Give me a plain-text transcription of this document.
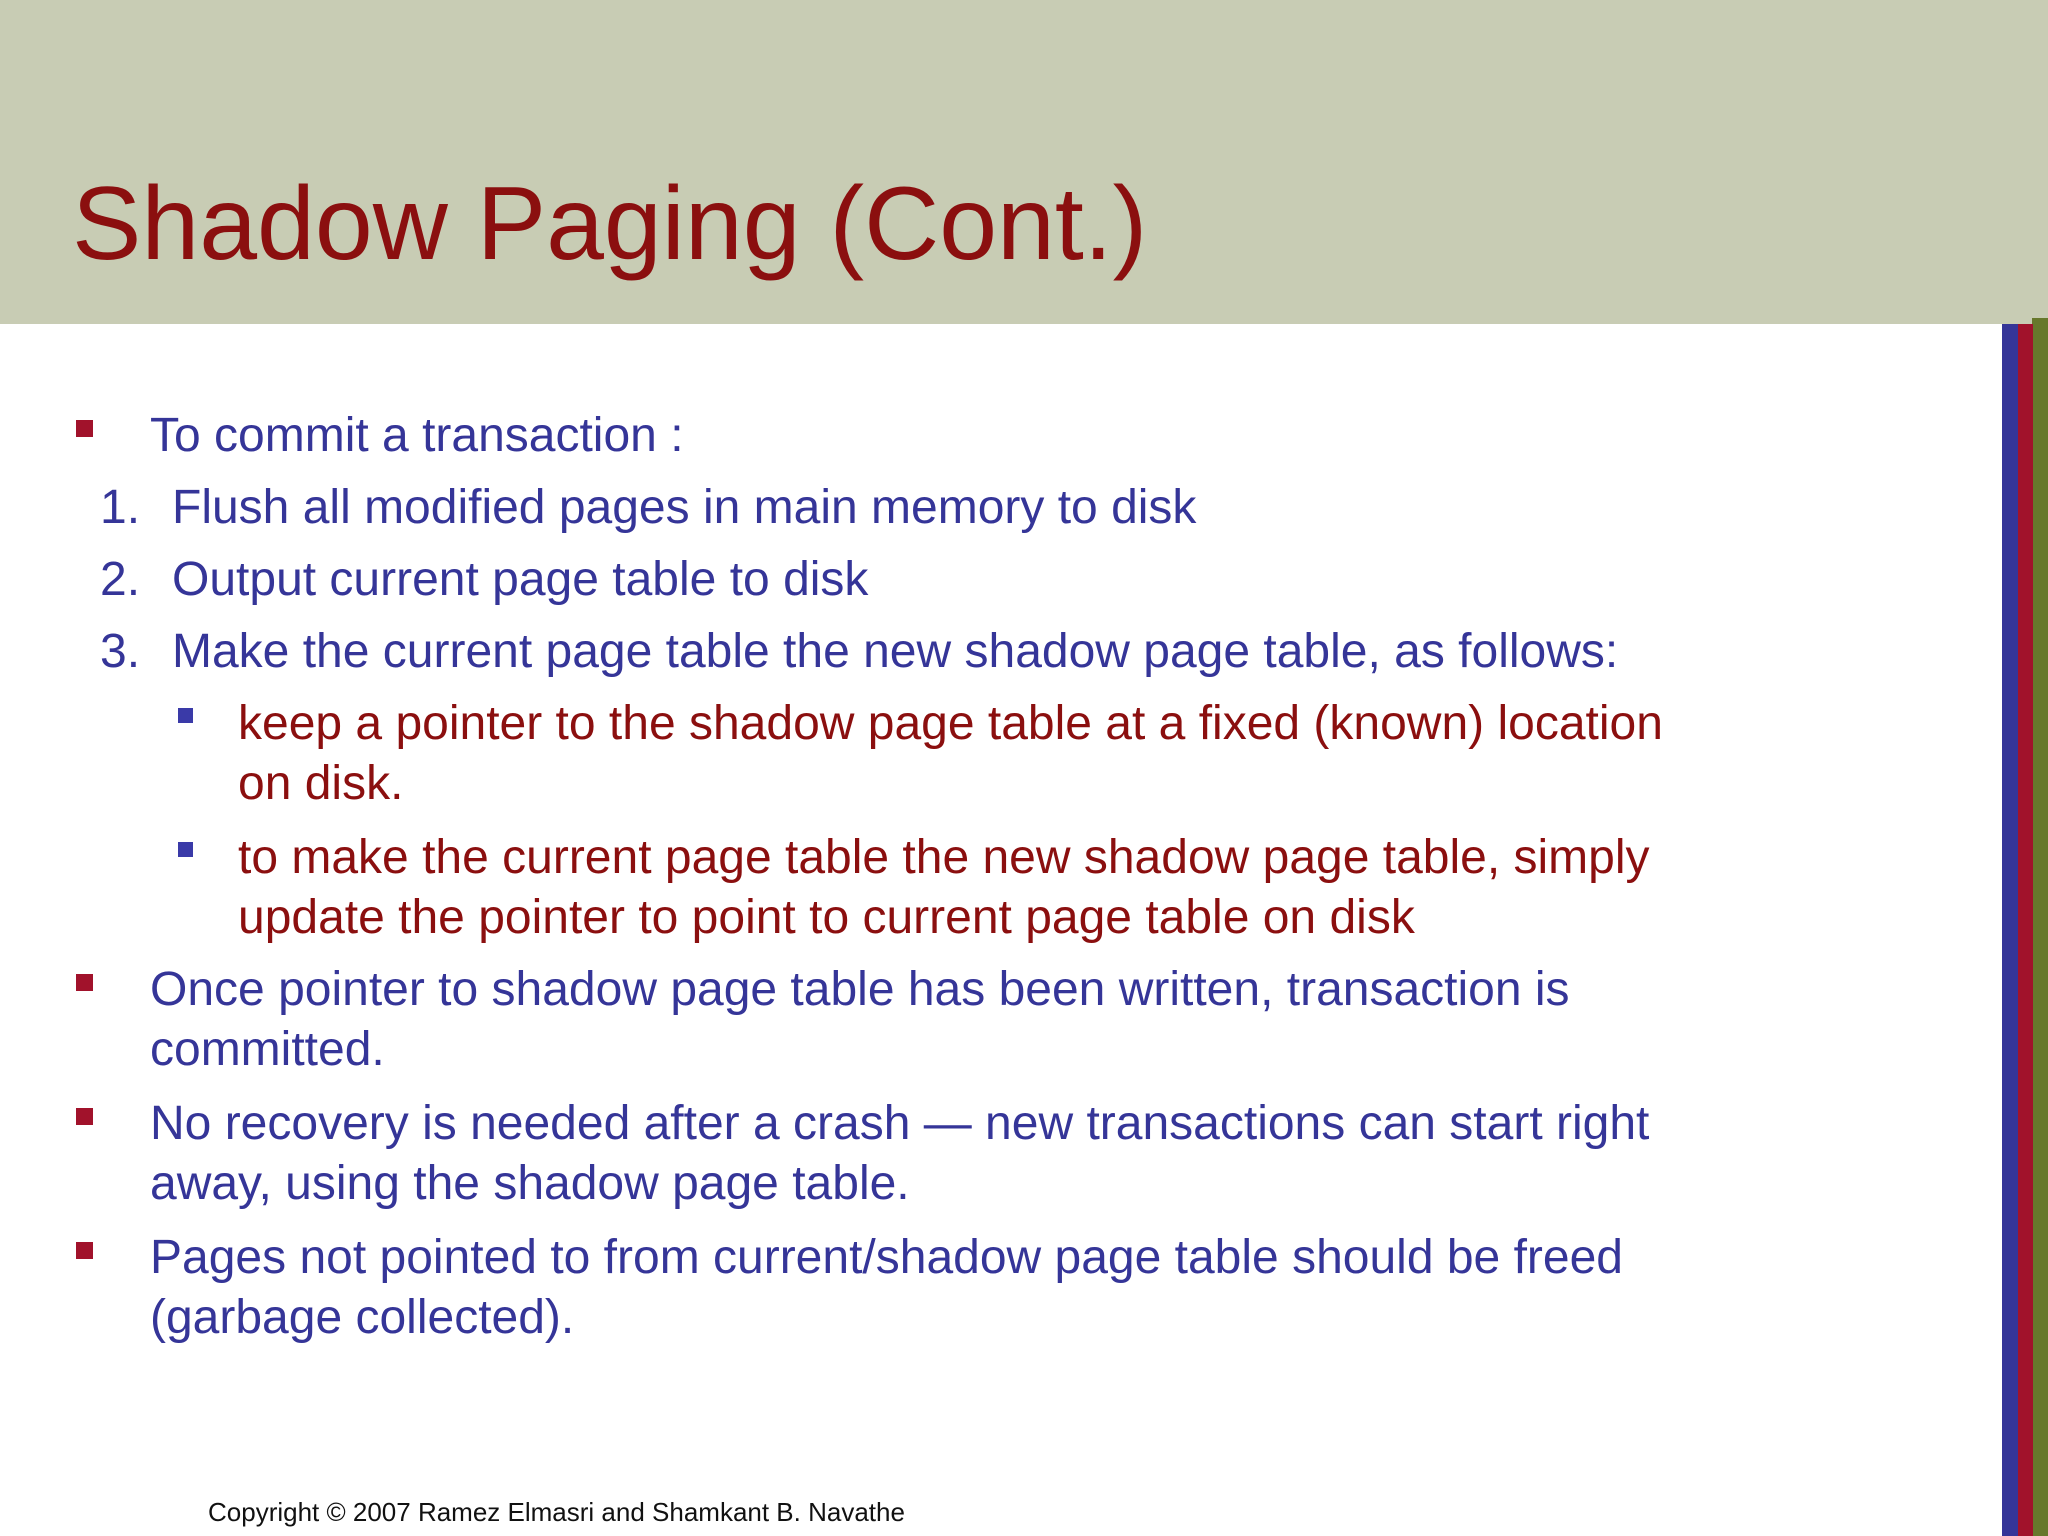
Shadow Paging (Cont.)
To commit a transaction :
1. Flush all modified pages in main memory to disk
2. Output current page table to disk
3. Make the current page table the new shadow page table, as follows:
keep a pointer to the shadow page table at a fixed (known) location
on disk.
to make the current page table the new shadow page table, simply
update the pointer to point to current page table on disk
Once pointer to shadow page table has been written, transaction is
committed.
No recovery is needed after a crash — new transactions can start right
away, using the shadow page table.
Pages not pointed to from current/shadow page table should be freed
(garbage collected).
Copyright © 2007 Ramez Elmasri and Shamkant B. Navathe
